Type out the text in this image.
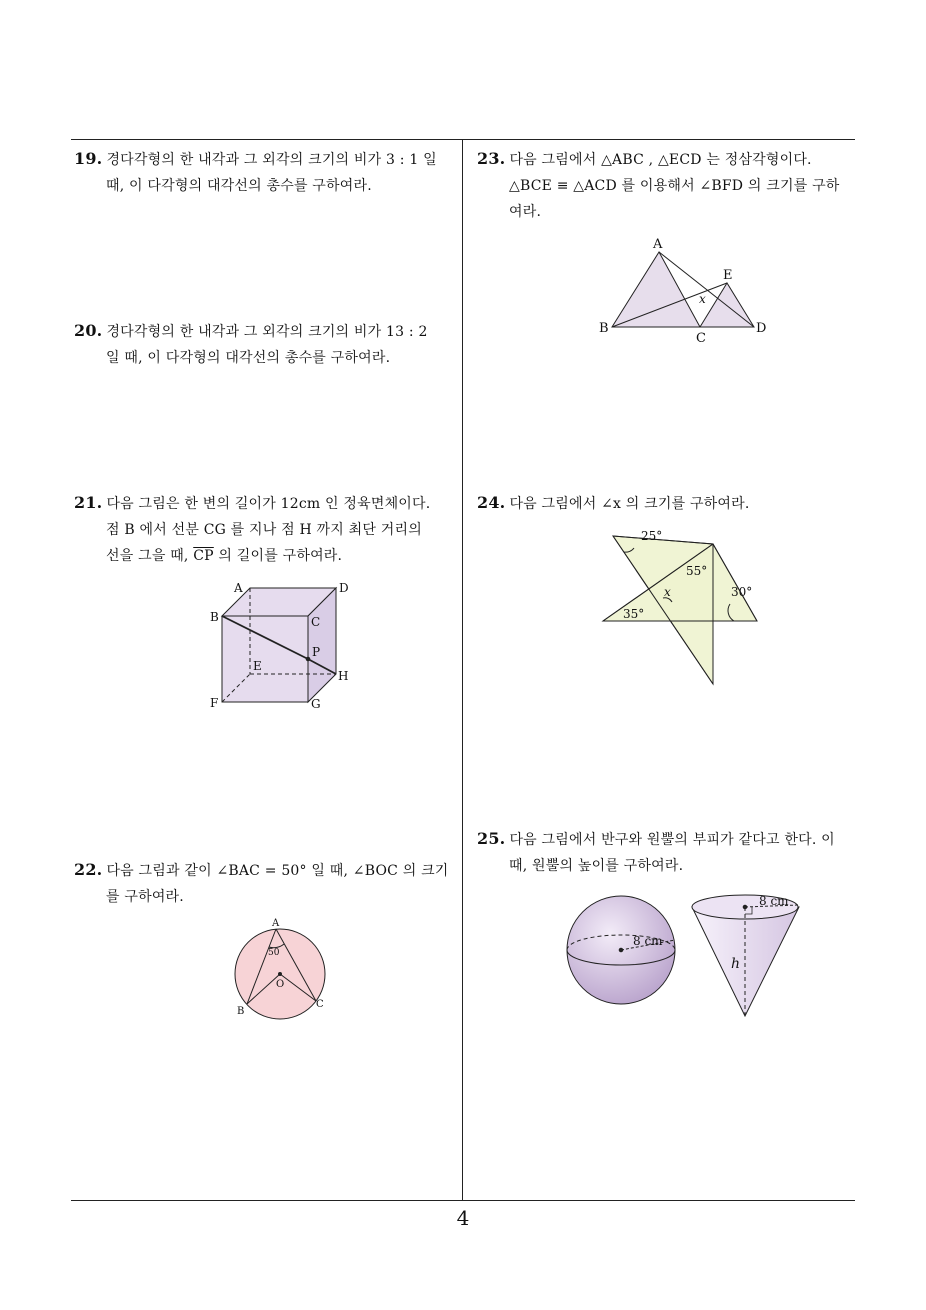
19. 경다각형의 한 내각과 그 외각의 크기의 비가 3 : 1 일
때, 이 다각형의 대각선의 총수를 구하여라.
20. 경다각형의 한 내각과 그 외각의 크기의 비가 13 : 2
일 때, 이 다각형의 대각선의 총수를 구하여라.
21. 다음 그림은 한 변의 길이가 12cm 인 정육면체이다.
점 B 에서 선분 CG 를 지나 점 H 까지 최단 거리의
선을 그을 때, $\overline{CP}$ 의 길이를 구하여라.
22. 다음 그림과 같이 ∠BAC = 50° 일 때, ∠BOC 의 크기
를 구하여라.
23. 다음 그림에서 △ABC , △ECD 는 정삼각형이다.
△BCE ≡ △ACD 를 이용해서 ∠BFD 의 크기를 구하
여라.
24. 다음 그림에서 ∠x 의 크기를 구하여라.
25. 다음 그림에서 반구와 원뿔의 부피가 같다고 한다. 이
때, 원뿔의 높이를 구하여라.
A
B
C
D
E
x
A	D
B	C
E
P
H
F	G
25°
55°
30°
35°
x
A
50
O
B
C
8 cm
8 cm
h
4
